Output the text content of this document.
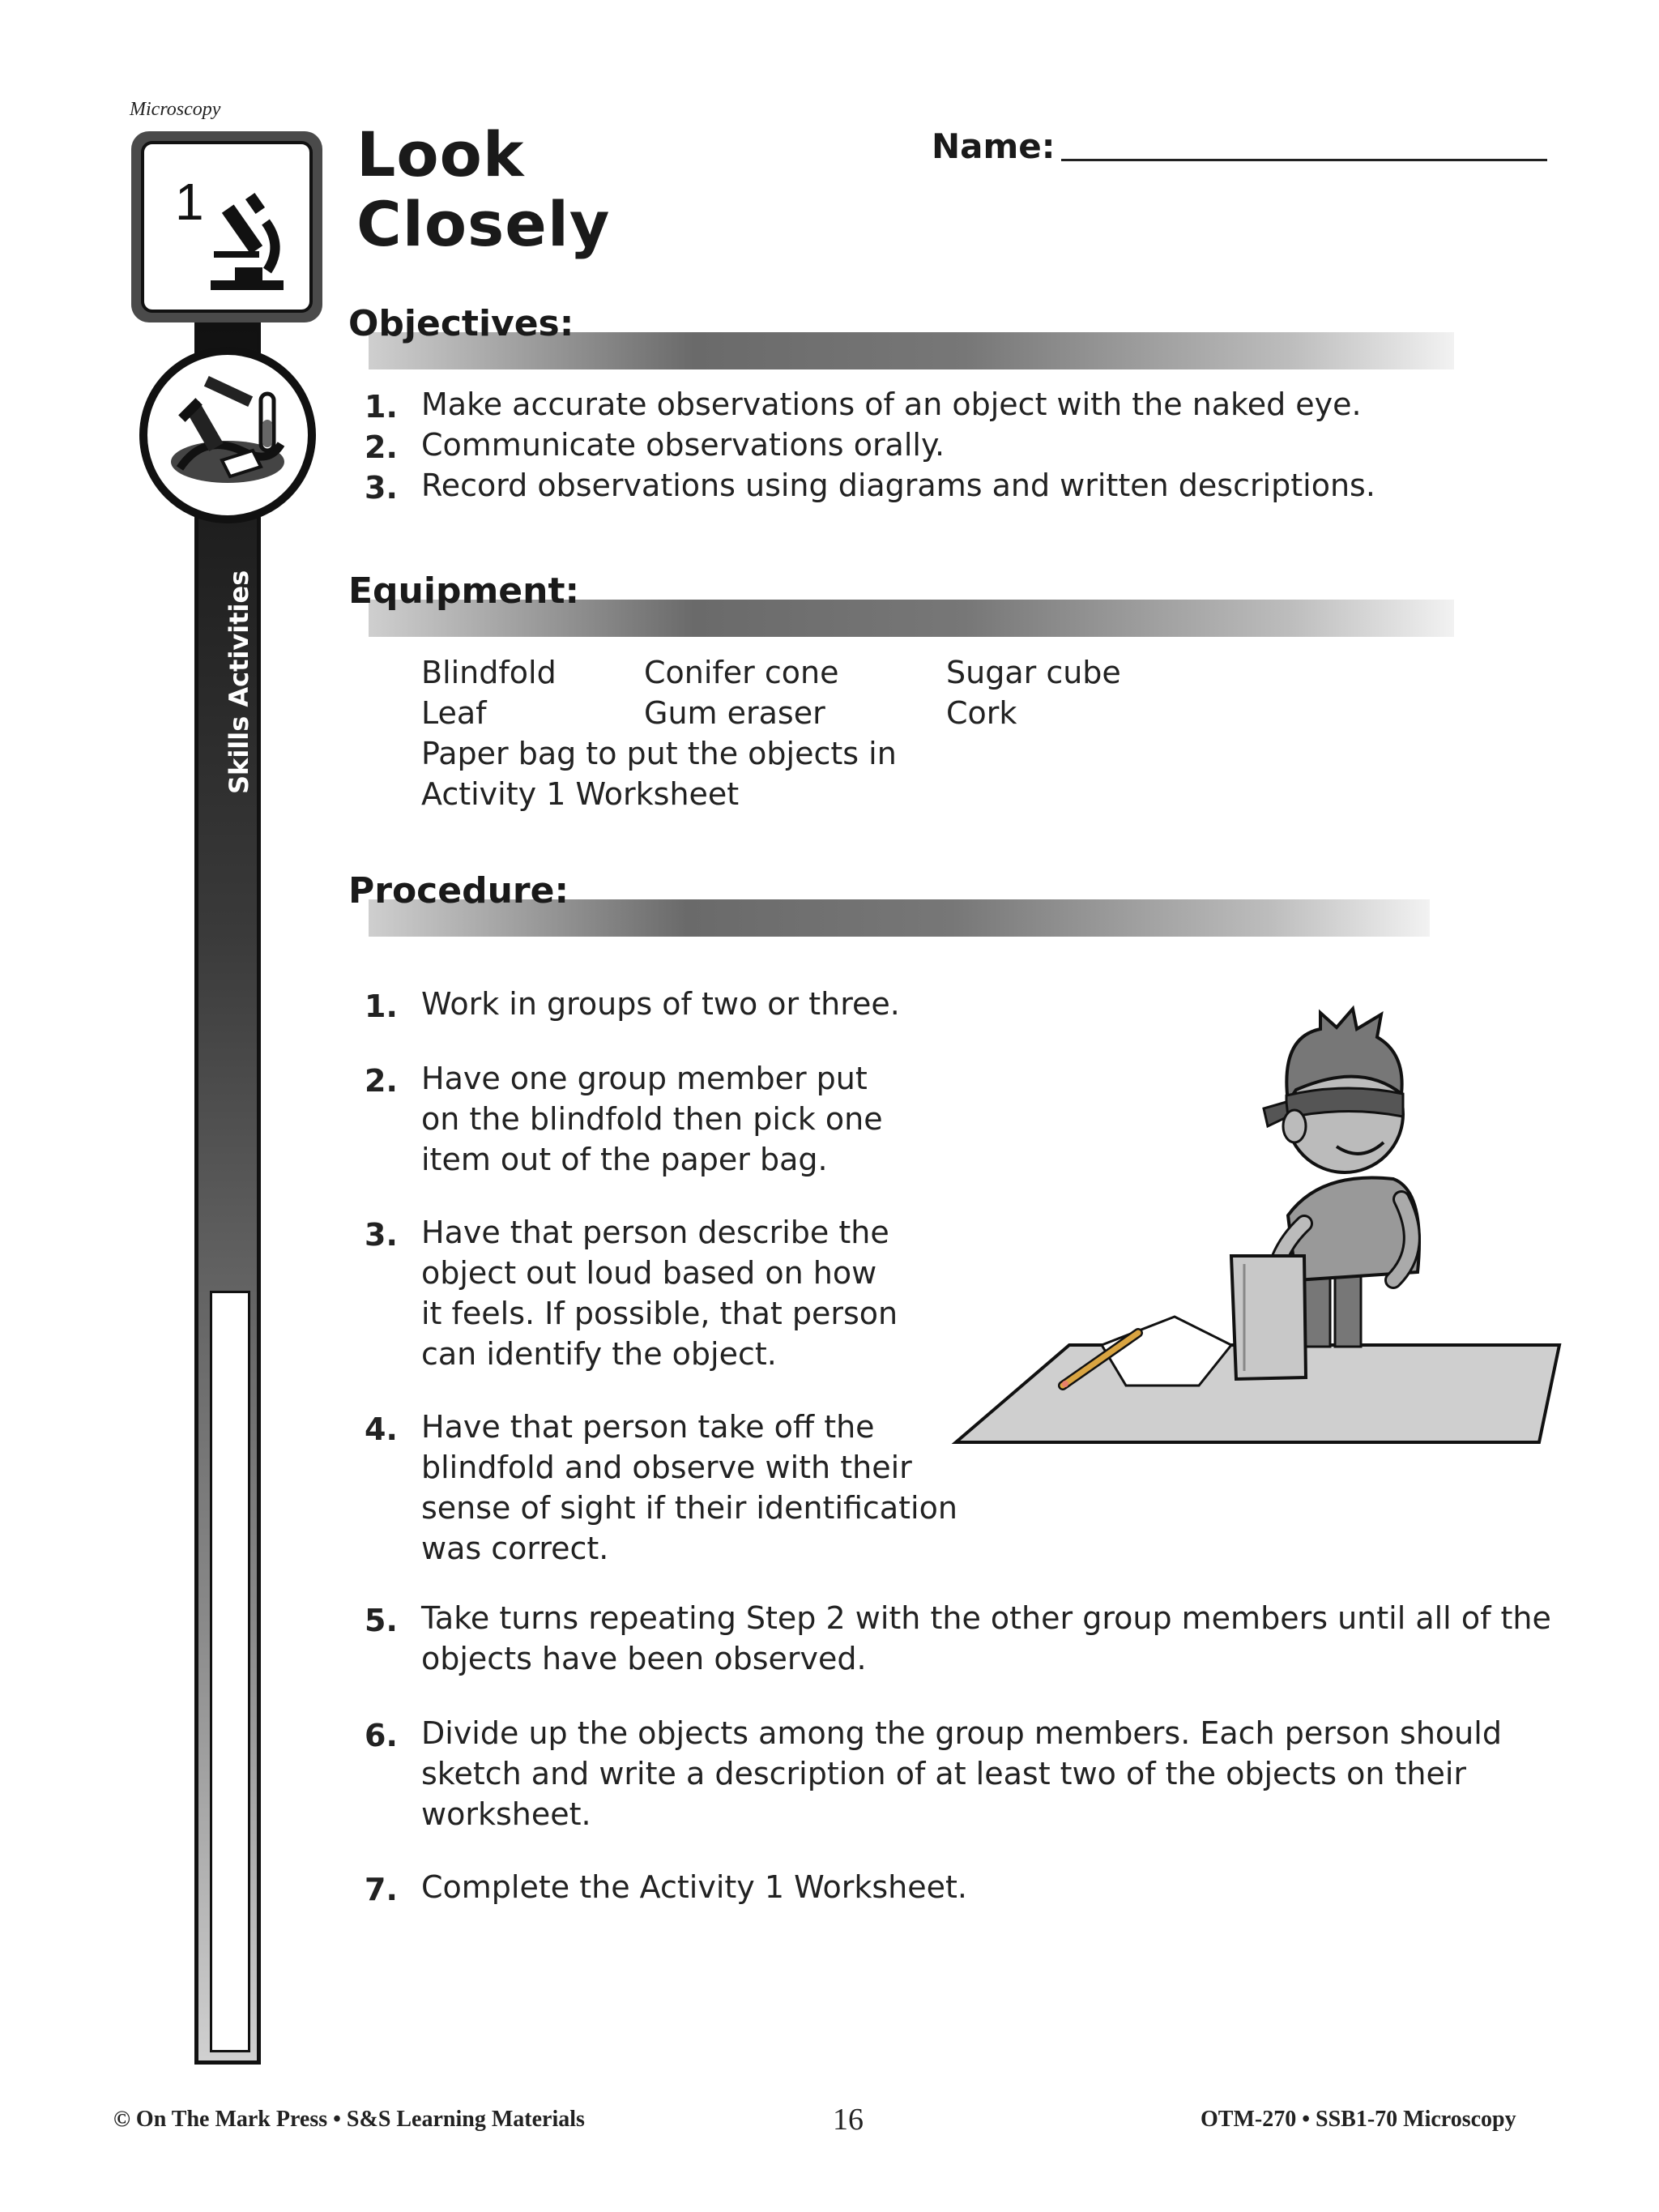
Microscopy
1
Look
Closely
Name:
Objectives:
1. Make accurate observations of an object with the naked eye.
2. Communicate observations orally.
3. Record observations using diagrams and written descriptions.
Equipment:
Blindfold
Leaf
Conifer cone
Gum eraser
Sugar cube
Cork
Paper bag to put the objects in
Activity 1 Worksheet
Procedure:
1. Work in groups of two or three.
2. Have one group member put
on the blindfold then pick one
item out of the paper bag.
3. Have that person describe the
object out loud based on how
it feels. If possible, that person
can identify the object.
4. Have that person take off the
blindfold and observe with their
sense of sight if their identification
was correct.
5. Take turns repeating Step 2 with the other group members until all of the
objects have been observed.
6. Divide up the objects among the group members. Each person should
sketch and write a description of at least two of the objects on their
worksheet.
7. Complete the Activity 1 Worksheet.
© On The Mark Press • S&S Learning Materials	16	OTM-270 • SSB1-70 Microscopy
